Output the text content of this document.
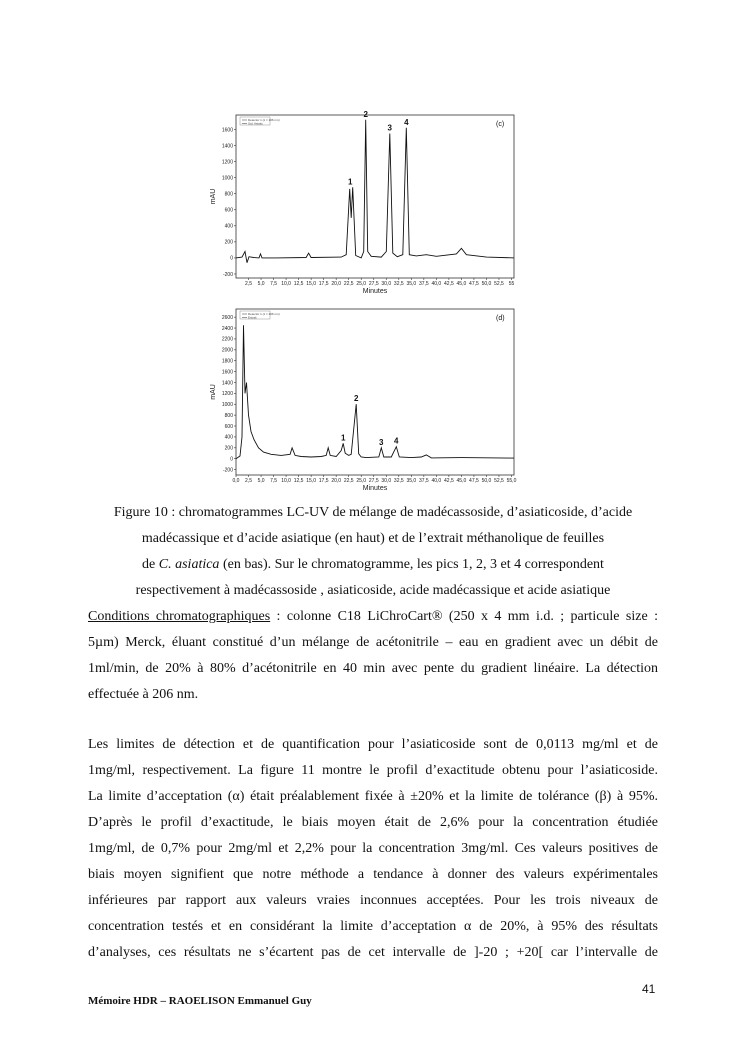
Detector 1 (λ = 206 nm)
Std. Asiatic	(c)
-200
0
200
400
600
800
1000
1200
1400
1600
2,5 5,0 7,5 10,0 12,5 15,0 17,5 20,0 22,5 25,0 27,5 30,0 32,5 35,0 37,5 40,0 42,5 45,0 47,5 50,0 52,5 55
Minutes
mAU
1
2
3
4
Detector 1 (λ = 206 nm)
Extrait	(d)
-200
0
200
400
600
800
1000
1200
1400
1600
1800
2000
2200
2400
2600
0,0 2,5 5,0 7,5 10,0 12,5 15,0 17,5 20,0 22,5 25,0 27,5 30,0 32,5 35,0 37,5 40,0 42,5 45,0 47,5 50,0 52,5 55,0
Minutes
mAU
1
2
3 4
Figure 10 : chromatogrammes LC-UV de mélange de madécassoside, d’asiaticoside, d’acide
madécassique et d’acide asiatique (en haut) et de l’extrait méthanolique de feuilles
de C. asiatica (en bas). Sur le chromatogramme, les pics 1, 2, 3 et 4 correspondent
respectivement à madécassoside , asiaticoside, acide madécassique et acide asiatique
Conditions chromatographiques : colonne C18 LiChroCart® (250 x 4 mm i.d. ; particule size :
5µm) Merck, éluant constitué d’un mélange de acétonitrile – eau en gradient avec un débit de
1ml/min, de 20% à 80% d’acétonitrile en 40 min avec pente du gradient linéaire. La détection
effectuée à 206 nm.
Les limites de détection et de quantification pour l’asiaticoside sont de 0,0113 mg/ml et de
1mg/ml, respectivement. La figure 11 montre le profil d’exactitude obtenu pour l’asiaticoside.
La limite d’acceptation (α) était préalablement fixée à ±20% et la limite de tolérance (β) à 95%.
D’après le profil d’exactitude, le biais moyen était de 2,6% pour la concentration étudiée
1mg/ml, de 0,7% pour 2mg/ml et 2,2% pour la concentration 3mg/ml. Ces valeurs positives de
biais moyen signifient que notre méthode a tendance à donner des valeurs expérimentales
inférieures par rapport aux valeurs vraies inconnues acceptées. Pour les trois niveaux de
concentration testés et en considérant la limite d’acceptation α de 20%, à 95% des résultats
d’analyses, ces résultats ne s’écartent pas de cet intervalle de ]-20 ; +20[ car l’intervalle de
41
Mémoire HDR – RAOELISON Emmanuel Guy
